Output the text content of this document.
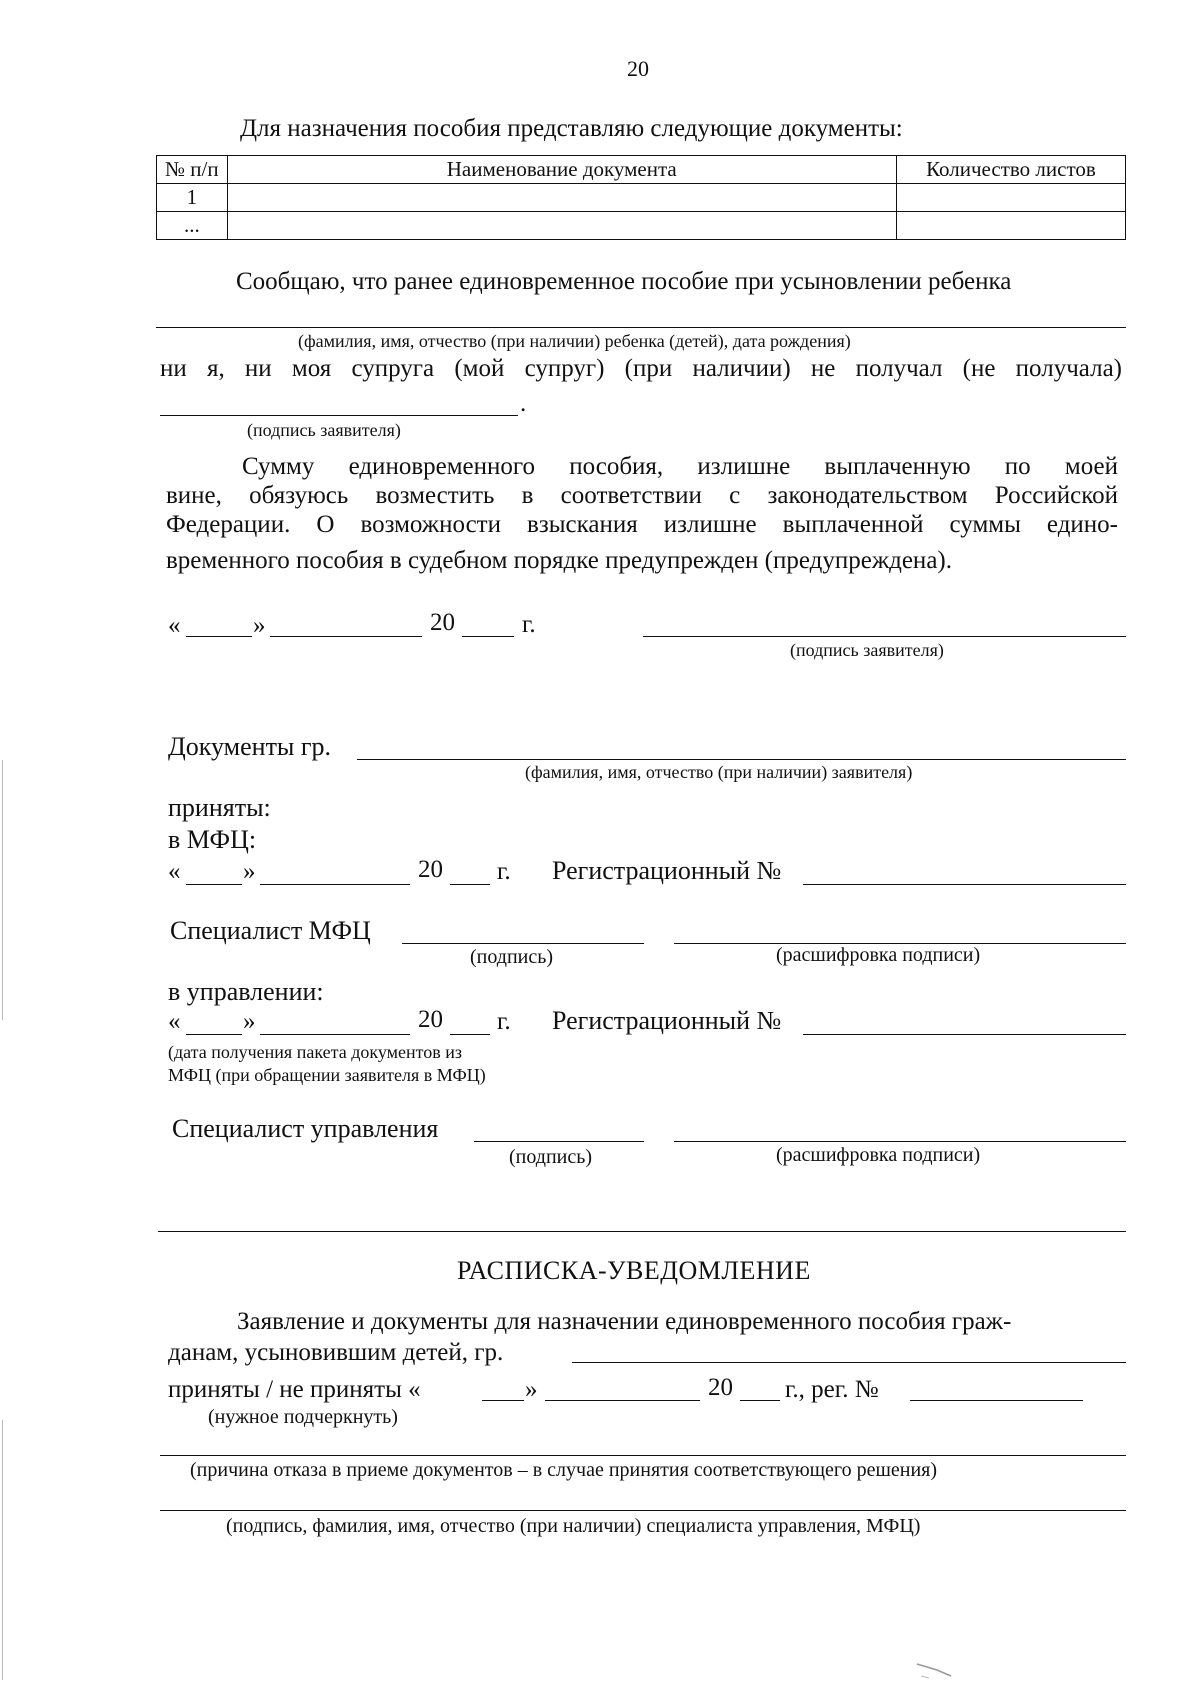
20
Для назначения пособия представляю следующие документы:
№ п/п	Наименование документа	Количество листов
1		
...		
Сообщаю, что ранее единовременное пособие при усыновлении ребенка
(фамилия, имя, отчество (при наличии) ребенка (детей), дата рождения)
ни я, ни моя супруга (мой супруг) (при наличии) не получал (не получала)
.
(подпись заявителя)
Сумму единовременного пособия, излишне выплаченную по моей
вине, обязуюсь возместить в соответствии с законодательством Российской
Федерации. О возможности взыскания излишне выплаченной суммы едино-
временного пособия в судебном порядке предупрежден (предупреждена).
«	»	20	г.
(подпись заявителя)
Документы гр.
(фамилия, имя, отчество (при наличии) заявителя)
приняты:
в МФЦ:
«	»	20 г. Регистрационный №
Специалист МФЦ
(подпись)	(расшифровка подписи)
в управлении:
«	»	20 г. Регистрационный №
(дата получения пакета документов из
МФЦ (при обращении заявителя в МФЦ)
Специалист управления
(подпись)	(расшифровка подписи)
РАСПИСКА-УВЕДОМЛЕНИЕ
Заявление и документы для назначении единовременного пособия граж-
данам, усыновившим детей, гр.
приняты / не приняты «	»	20 г., рег. №
(нужное подчеркнуть)
(причина отказа в приеме документов – в случае принятия соответствующего решения)
(подпись, фамилия, имя, отчество (при наличии) специалиста управления, МФЦ)
